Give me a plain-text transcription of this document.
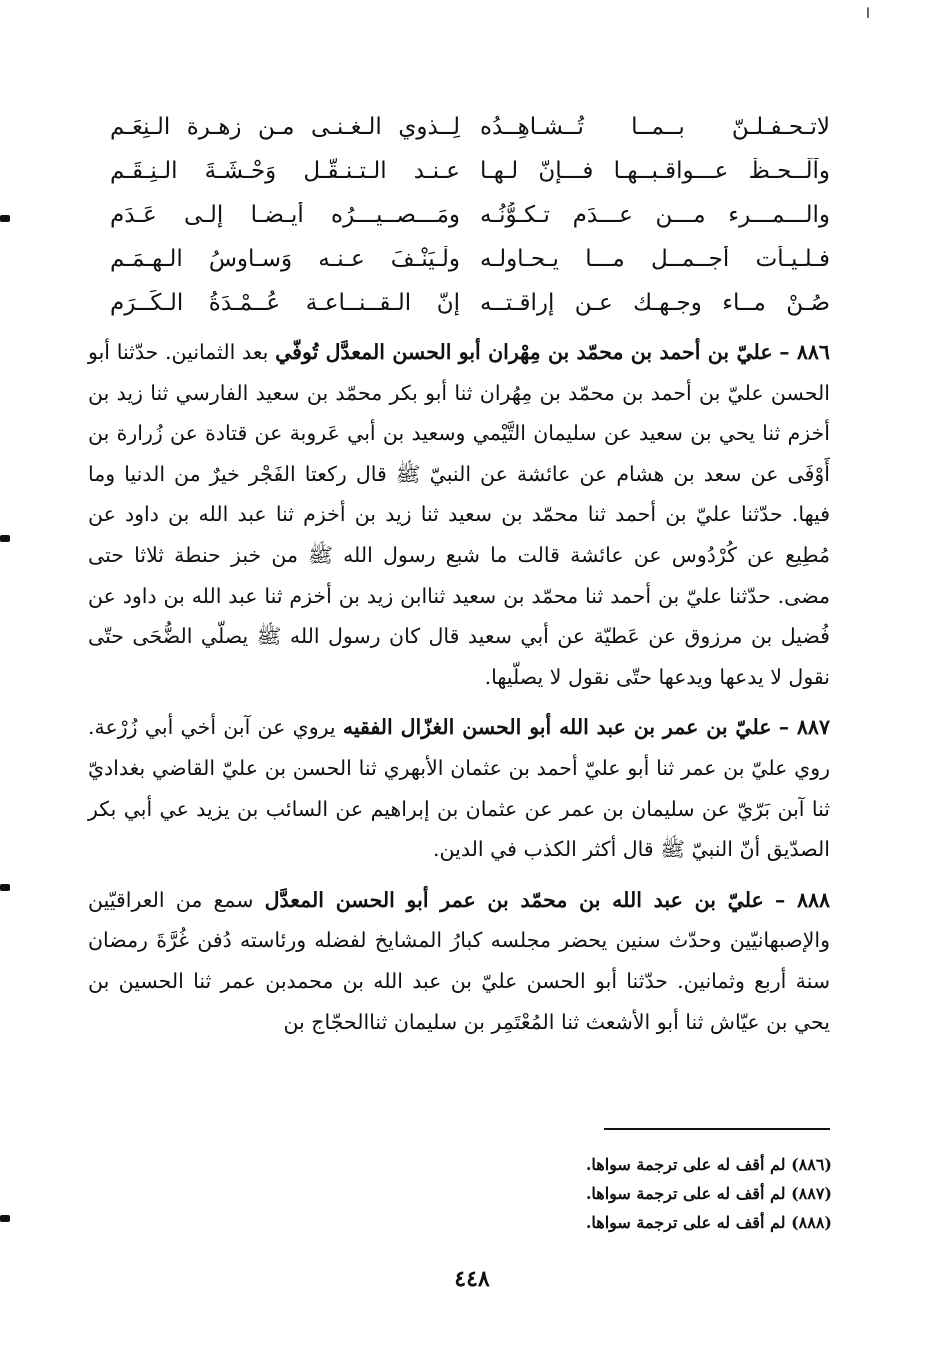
ا
لاتـحـفـلـنّ بــمــا تُــشـاهِــدُه
لِــذوي الـغـنـى مـن زهـرة الـنِعَـم
وآلْــحـظْ عـــواقـبــهـا فـــإنّ لـهـا
عـنـد الـتـنـقُّـل وَحْـشَـةَ الـنِـقَـم
والـــمـــرء مـــن عـــدَم تـكـوُّنُـه
ومَـــصــيـــرُه أيـضـا إلـى عَـدَم
فـلـيـأت أجــمــل مـــا يـحـاولـه
ولْـيَنْـفَ عـنـه وَسـاوِسُ الـهـمَـم
صُـنْ مــاء وجـهـك عـن إراقـتــه
إنّ الـقــنــاعـة عُــمْـدَةُ الـكَــرَم

٨٨٦ – عليّ بن أحمد بن محمّد بن مِهْران أبو الحسن المعدَّل تُوفّي بعد الثمانين. حدّثنا أبو الحسن عليّ بن أحمد بن محمّد بن مِهُران ثنا أبو بكر محمّد بن سعيد الفارسي ثنا زيد بن أخزم ثنا يحي بن سعيد عن سليمان التَّيْمي وسعيد بن أبي عَروبة عن قتادة عن زُرارة بن أَوْفَى عن سعد بن هشام عن عائشة عن النبيّ ﷺ قال ركعتا الفَجْر خيرٌ من الدنيا وما فيها. حدّثنا عليّ بن أحمد ثنا محمّد بن سعيد ثنا زيد بن أخزم ثنا عبد الله بن داود عن مُطِيع عن كُرْدُوس عن عائشة قالت ما شبع رسول الله ﷺ من خبز حنطة ثلاثا حتى مضى. حدّثنا عليّ بن أحمد ثنا محمّد بن سعيد ثناابن زيد بن أخزم ثنا عبد الله بن داود عن فُضيل بن مرزوق عن عَطيّة عن أبي سعيد قال كان رسول الله ﷺ يصلّي الضُّحَى حتّى نقول لا يدعها ويدعها حتّى نقول لا يصلّيها.

٨٨٧ – عليّ بن عمر بن عبد الله أبو الحسن الغزّال الفقيه يروي عن آبن أخي أبي زُرْعة. روي عليّ بن عمر ثنا أبو عليّ أحمد بن عثمان الأبهري ثنا الحسن بن عليّ القاضي بغداديّ ثنا آبن بَرّيّ عن سليمان بن عمر عن عثمان بن إبراهيم عن السائب بن يزيد عي أبي بكر الصدّيق أنّ النبيّ ﷺ قال أكثر الكذب في الدين.

٨٨٨ – عليّ بن عبد الله بن محمّد بن عمر أبو الحسن المعدَّل سمع من العراقيّين والإصبهانيّين وحدّث سنين يحضر مجلسه كبارُ المشايخ لفضله ورئاسته دُفن غُرَّةَ رمضان سنة أربع وثمانين. حدّثنا أبو الحسن عليّ بن عبد الله بن محمدبن عمر ثنا الحسين بن يحي بن عيّاش ثنا أبو الأشعث ثنا المُعْتَمِر بن سليمان ثناالحجّاج بن

(٨٨٦) لم أقف له على ترجمة سواها.
(٨٨٧) لم أقف له على ترجمة سواها.
(٨٨٨) لم أقف له على ترجمة سواها.
٤٤٨
